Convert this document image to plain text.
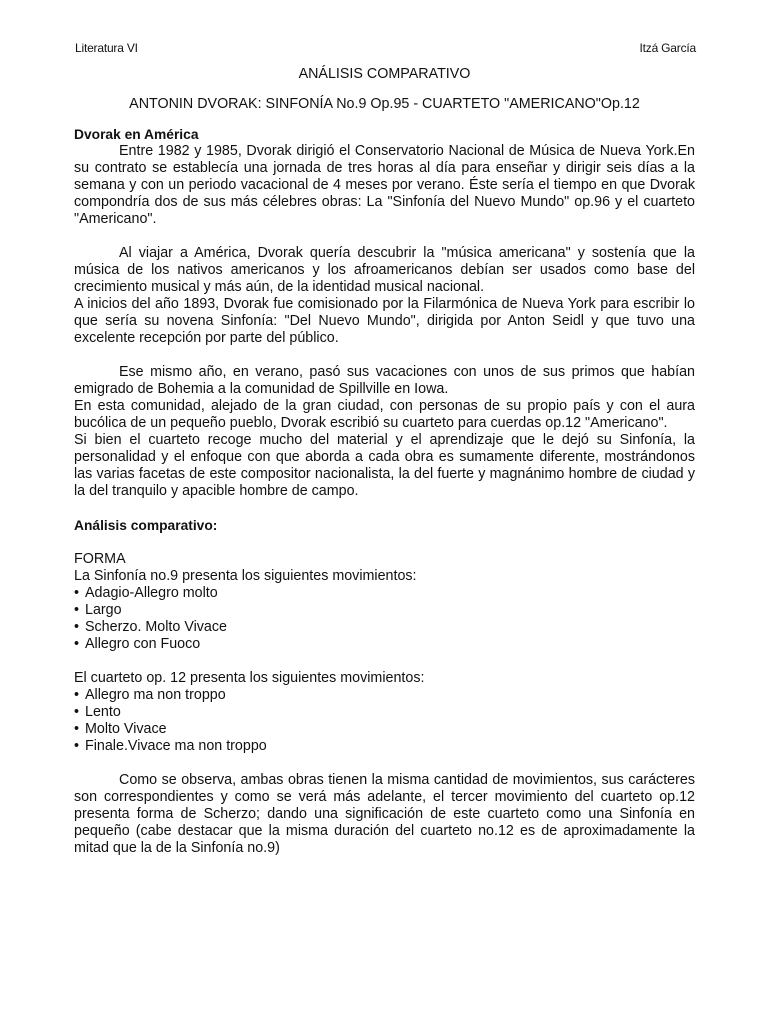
Literatura VI	Itzá García
ANÁLISIS COMPARATIVO
ANTONIN DVORAK: SINFONÍA No.9 Op.95 - CUARTETO "AMERICANO"Op.12
Dvorak en América

Entre 1982 y 1985, Dvorak dirigió el Conservatorio Nacional de Música de Nueva York.En su contrato se establecía una jornada de tres horas al día para enseñar y dirigir seis días a la semana y con un periodo vacacional de 4 meses por verano. Éste sería el tiempo en que Dvorak compondría dos de sus más célebres obras: La "Sinfonía del Nuevo Mundo" op.96 y el cuarteto "Americano".

Al viajar a América, Dvorak quería descubrir la "música americana" y sostenía que la música de los nativos americanos y los afroamericanos debían ser usados como base del crecimiento musical y más aún, de la identidad musical nacional.

A inicios del año 1893, Dvorak fue comisionado por la Filarmónica de Nueva York para escribir lo que sería su novena Sinfonía: "Del Nuevo Mundo", dirigida por Anton Seidl y que tuvo una excelente recepción por parte del público.

Ese mismo año, en verano, pasó sus vacaciones con unos de sus primos que habían emigrado de Bohemia a la comunidad de Spillville en Iowa.

En esta comunidad, alejado de la gran ciudad, con personas de su propio país y con el aura bucólica de un pequeño pueblo, Dvorak escribió su cuarteto para cuerdas op.12 "Americano".

Si bien el cuarteto recoge mucho del material y el aprendizaje que le dejó su Sinfonía, la personalidad y el enfoque con que aborda a cada obra es sumamente diferente, mostrándonos las varias facetas de este compositor nacionalista, la del fuerte y magnánimo hombre de ciudad y la del tranquilo y apacible hombre de campo.

Análisis comparativo:
FORMA
La Sinfonía no.9 presenta los siguientes movimientos:
• Adagio-Allegro molto
• Largo
• Scherzo. Molto Vivace
• Allegro con Fuoco
El cuarteto op. 12 presenta los siguientes movimientos:
• Allegro ma non troppo
• Lento
• Molto Vivace
• Finale.Vivace ma non troppo

Como se observa, ambas obras tienen la misma cantidad de movimientos, sus carácteres son correspondientes y como se verá más adelante, el tercer movimiento del cuarteto op.12 presenta forma de Scherzo; dando una significación de este cuarteto como una Sinfonía en pequeño (cabe destacar que la misma duración del cuarteto no.12 es de aproximadamente la mitad que la de la Sinfonía no.9)
